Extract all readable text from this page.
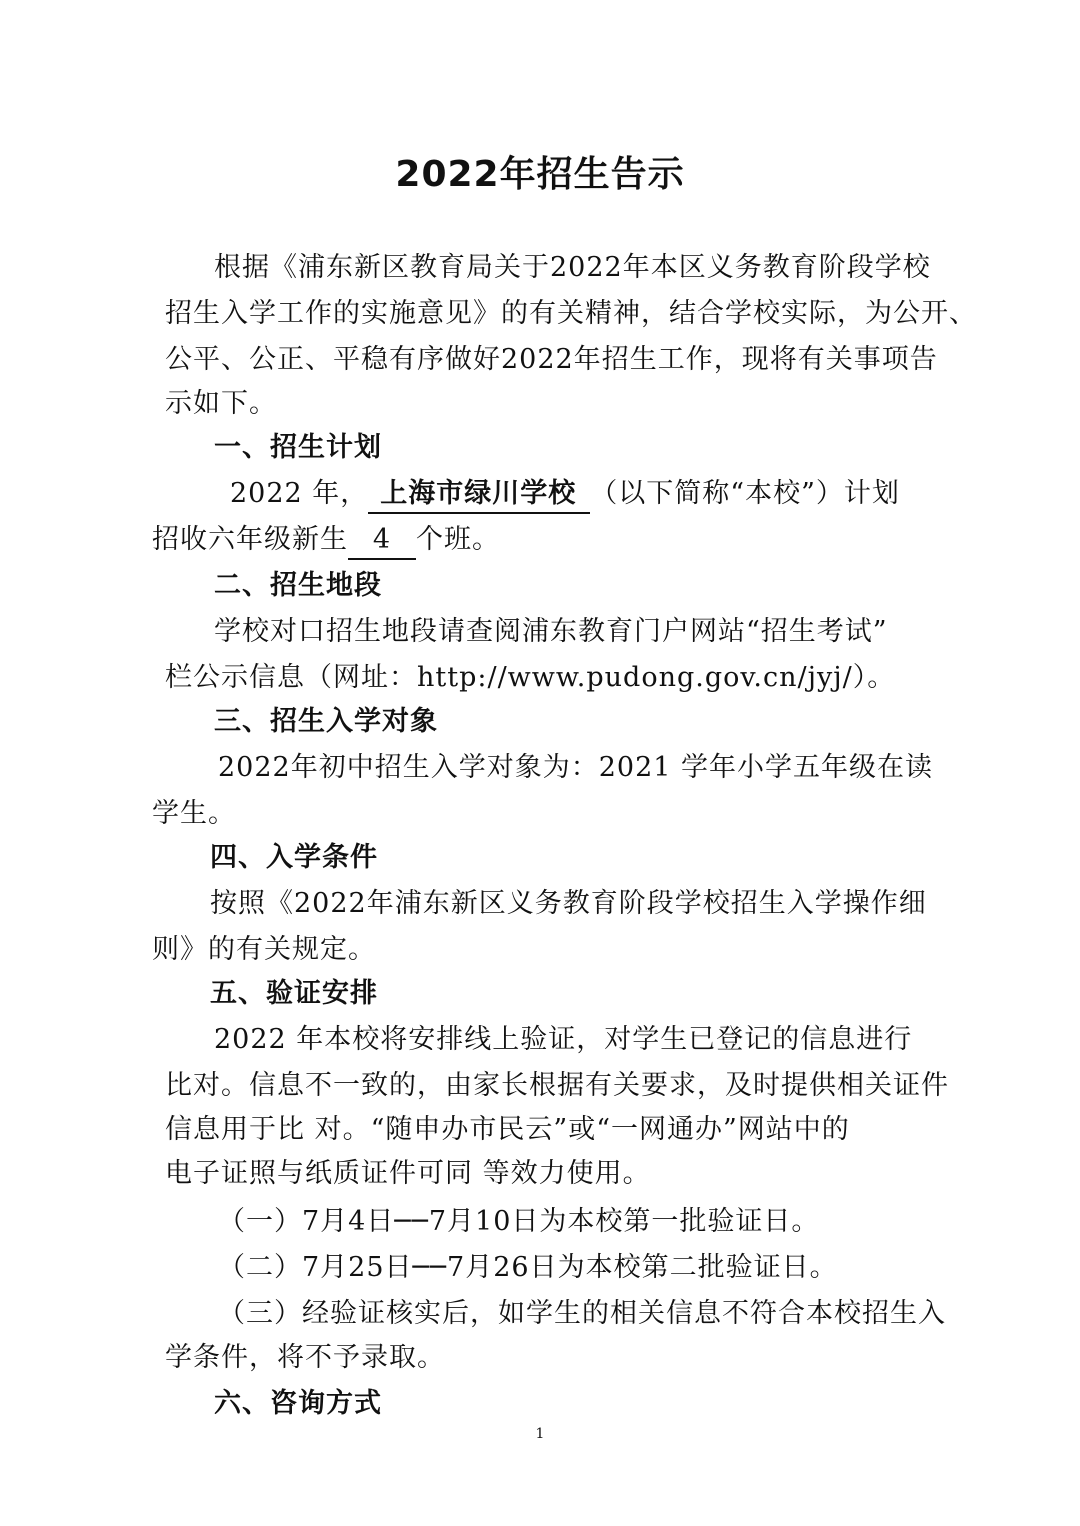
2022年招生告示
根据《浦东新区教育局关于2022年本区义务教育阶段学校
招生入学工作的实施意见》的有关精神，结合学校实际，为公开、
公平、公正、平稳有序做好2022年招生工作，现将有关事项告
示如下。
一、招生计划
2022 年， 上海市绿川学校 （以下简称“本校”）计划
招收六年级新生 4 个班。
二、招生地段
学校对口招生地段请查阅浦东教育门户网站“招生考试”
栏公示信息（网址：http://www.pudong.gov.cn/jyj/）。
三、招生入学对象
2022年初中招生入学对象为：2021 学年小学五年级在读
学生。
四、入学条件
按照《2022年浦东新区义务教育阶段学校招生入学操作细
则》的有关规定。
五、验证安排
2022 年本校将安排线上验证，对学生已登记的信息进行
比对。信息不一致的，由家长根据有关要求，及时提供相关证件
信息用于比 对。“随申办市民云”或“一网通办”网站中的
电子证照与纸质证件可同 等效力使用。
（一）7月4日──7月10日为本校第一批验证日。
（二）7月25日──7月26日为本校第二批验证日。
（三）经验证核实后，如学生的相关信息不符合本校招生入
学条件，将不予录取。
六、咨询方式
1
